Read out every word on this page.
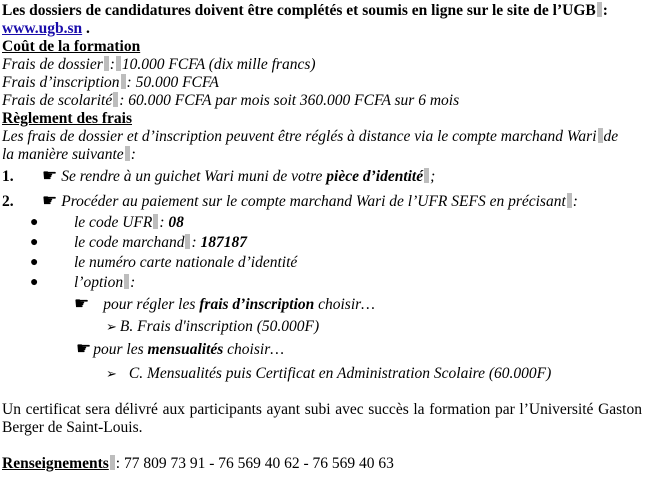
Les dossiers de candidatures doivent être complétés et soumis en ligne sur le site de l’UGB :
www.ugb.sn .
Coût de la formation
Frais de dossier : 10.000 FCFA (dix mille francs)
Frais d’inscription : 50.000 FCFA
Frais de scolarité : 60.000 FCFA par mois soit 360.000 FCFA sur 6 mois
Règlement des frais
Les frais de dossier et d’inscription peuvent être réglés à distance via le compte marchand Wari de
la manière suivante :
1. ☛ Se rendre à un guichet Wari muni de votre pièce d’identité ;
2. ☛ Procéder au paiement sur le compte marchand Wari de l’UFR SEFS en précisant :
● le code UFR : 08
● le code marchand : 187187
● le numéro carte nationale d’identité
● l’option :
☛ pour régler les frais d’inscription choisir…
➢ B. Frais d'inscription (50.000F)
☛ pour les mensualités choisir…
➢ C. Mensualités puis Certificat en Administration Scolaire (60.000F)
Un certificat sera délivré aux participants ayant subi avec succès la formation par l’Université Gaston Berger de Saint-Louis.
Renseignements : 77 809 73 91 - 76 569 40 62 - 76 569 40 63
